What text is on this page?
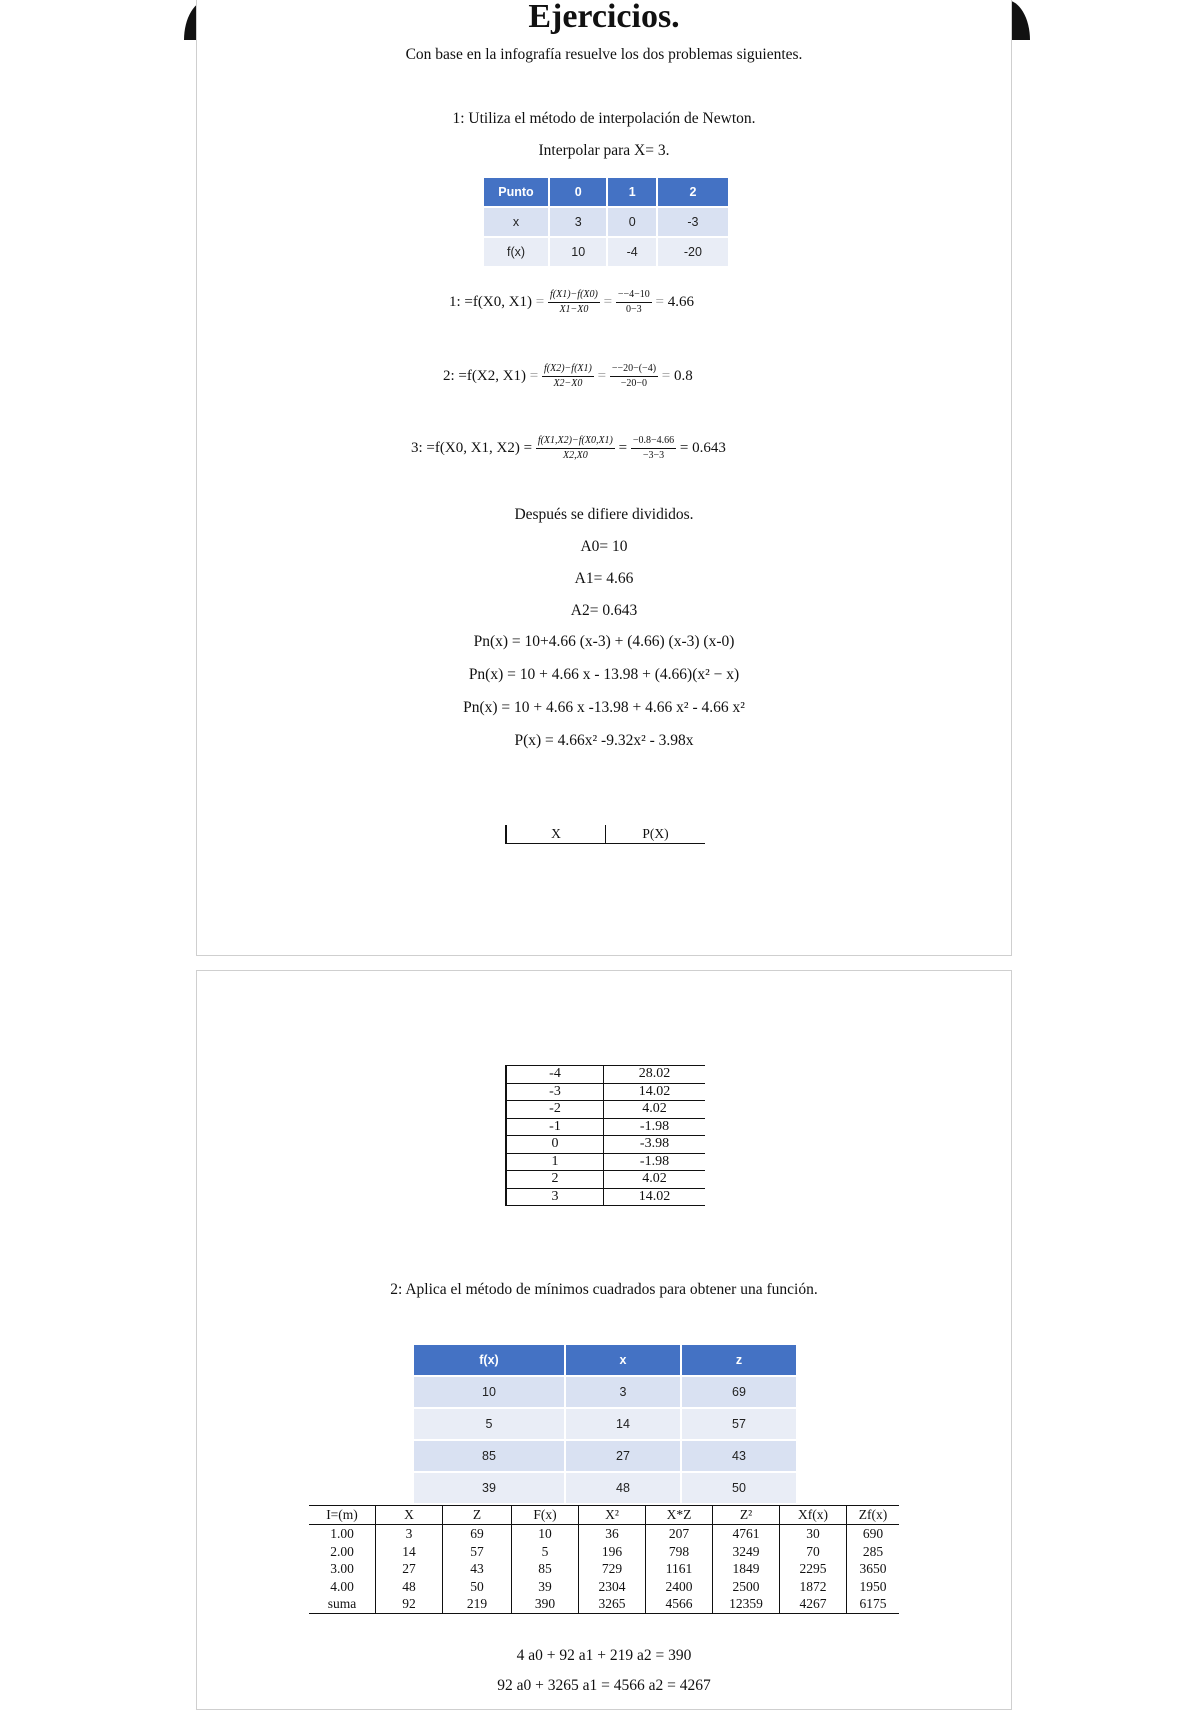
Ejercicios.
Con base en la infografía resuelve los dos problemas siguientes.
1: Utiliza el método de interpolación de Newton.
Interpolar para X= 3.
Punto	0	1	2
x	3	0	-3
f(x)	10	-4	-20
1: =f(X0, $X1) = \frac{f(X1)-f(X0)}{X1-X0} = \frac{--4-10}{0-3} = 4.66$
2: =f(X2, $X1) = \frac{f(X2)-f(X1)}{X2-X0} = \frac{--20-(-4)}{-20-0} = 0.8$
3: =f(X0, X1, $X2) = \frac{f(X1,X2)-f(X0,X1)}{X2,X0} = \frac{-0.8-4.66}{-3-3} = 0.643$
Después se difiere divididos.
A0= 10
A1= 4.66
A2= 0.643
Pn(x) = 10+4.66 (x-3) + (4.66) (x-3) (x-0)
Pn(x) = 10 + 4.66 x - 13.98 + (4.66)(x² − x)
Pn(x) = 10 + 4.66 x -13.98 + 4.66 x² - 4.66 x²
P(x) = 4.66x² -9.32x² - 3.98x
X	P(X)
-4	28.02
-3	14.02
-2	4.02
-1	-1.98
0	-3.98
1	-1.98
2	4.02
3	14.02
2: Aplica el método de mínimos cuadrados para obtener una función.
f(x)	x	z
10	3	69
5	14	57
85	27	43
39	48	50
I=(m)	X	Z	F(x)	X²	X*Z	Z²	Xf(x)	Zf(x)
1.00	3	69	10	36	207	4761	30	690
2.00	14	57	5	196	798	3249	70	285
3.00	27	43	85	729	1161	1849	2295	3650
4.00	48	50	39	2304	2400	2500	1872	1950
suma	92	219	390	3265	4566	12359	4267	6175
4 a0 + 92 a1 + 219 a2 = 390
92 a0 + 3265 a1 = 4566 a2 = 4267
